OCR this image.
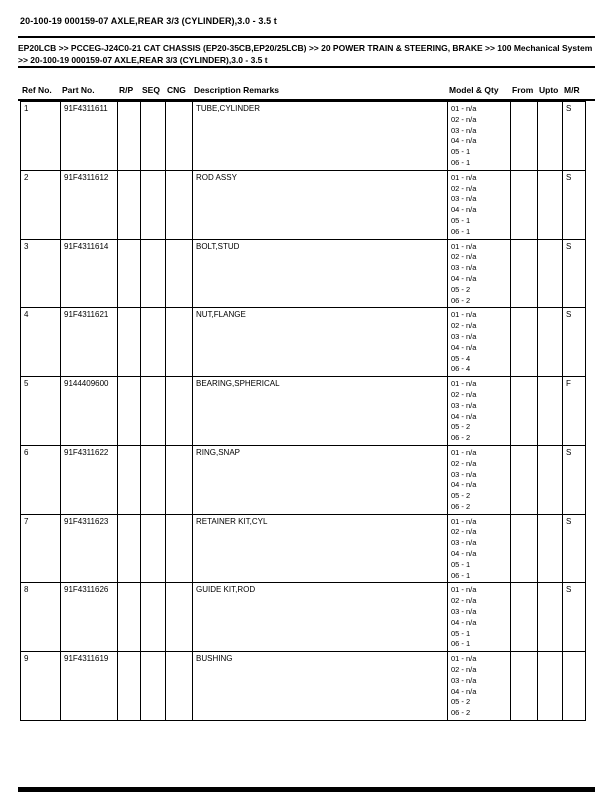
20-100-19 000159-07 AXLE,REAR 3/3 (CYLINDER),3.0 - 3.5 t
EP20LCB >> PCCEG-J24C0-21 CAT CHASSIS (EP20-35CB,EP20/25LCB) >> 20 POWER TRAIN & STEERING, BRAKE >> 100 Mechanical System >> 20-100-19 000159-07 AXLE,REAR 3/3 (CYLINDER),3.0 - 3.5 t
Ref No.	Part No.	R/P	SEQ CNG Description Remarks	Model & Qty	From Upto M/R
1	91F4311611				TUBE,CYLINDER	01 - n/a
02 - n/a
03 - n/a
04 - n/a
05 - 1
06 - 1
			S
2	91F4311612				ROD ASSY	01 - n/a
02 - n/a
03 - n/a
04 - n/a
05 - 1
06 - 1
			S
3	91F4311614				BOLT,STUD	01 - n/a
02 - n/a
03 - n/a
04 - n/a
05 - 2
06 - 2
			S
4	91F4311621				NUT,FLANGE	01 - n/a
02 - n/a
03 - n/a
04 - n/a
05 - 4
06 - 4
			S
5	9144409600				BEARING,SPHERICAL	01 - n/a
02 - n/a
03 - n/a
04 - n/a
05 - 2
06 - 2
			F
6	91F4311622				RING,SNAP	01 - n/a
02 - n/a
03 - n/a
04 - n/a
05 - 2
06 - 2
			S
7	91F4311623				RETAINER KIT,CYL	01 - n/a
02 - n/a
03 - n/a
04 - n/a
05 - 1
06 - 1
			S
8	91F4311626				GUIDE KIT,ROD	01 - n/a
02 - n/a
03 - n/a
04 - n/a
05 - 1
06 - 1
			S
9	91F4311619				BUSHING	01 - n/a
02 - n/a
03 - n/a
04 - n/a
05 - 2
06 - 2
